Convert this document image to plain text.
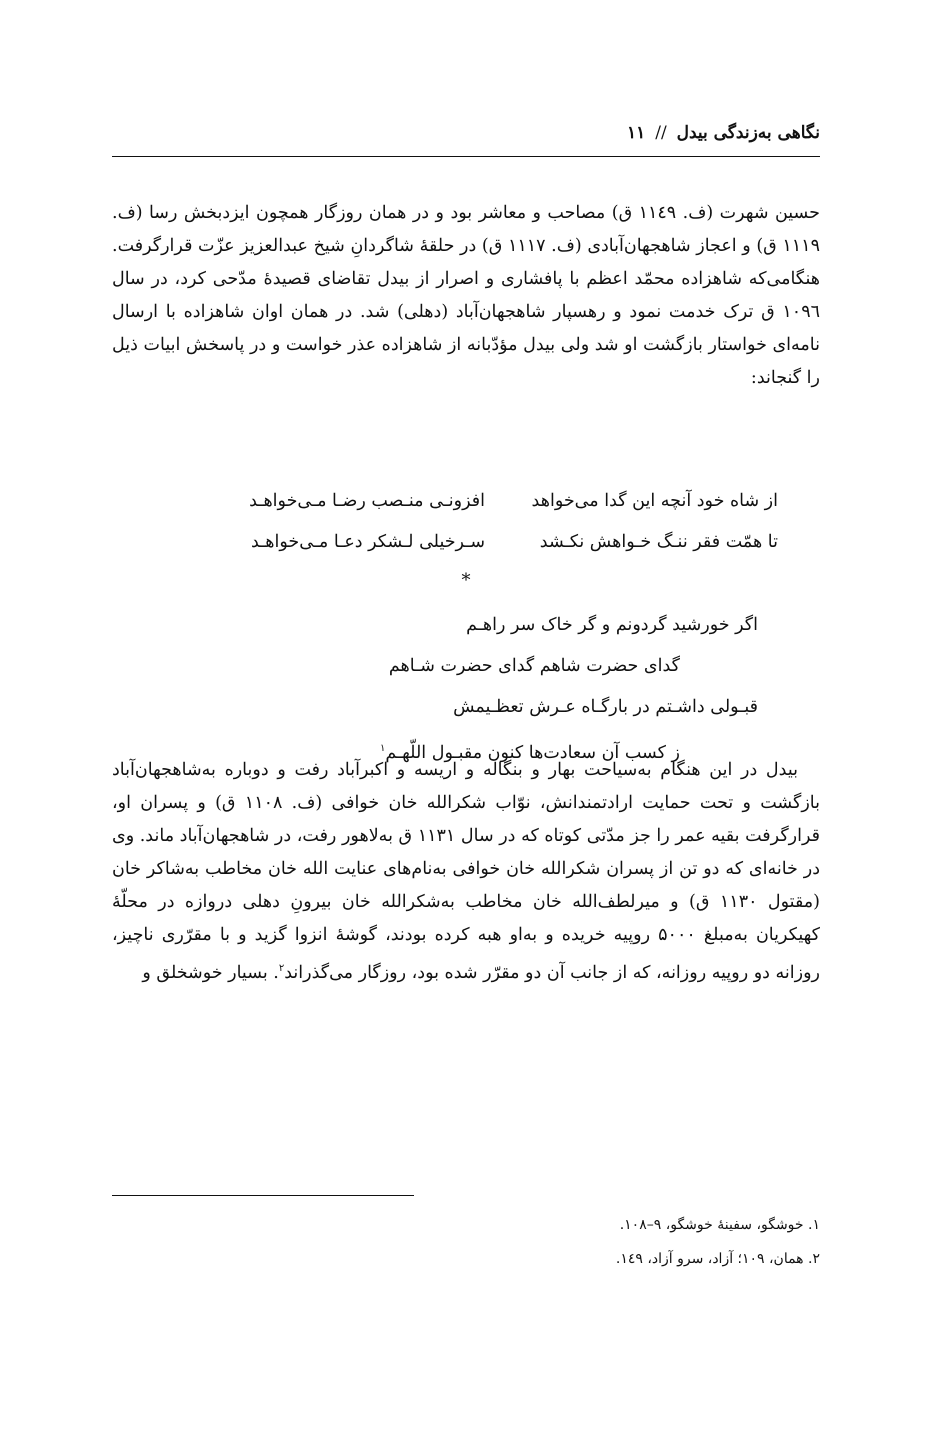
نگاهی به‌زندگی بیدل // ۱۱

حسین شهرت (ف. ۱۱٤۹ ق) مصاحب و معاشر بود و در همان روزگار همچون ایزدبخش رسا (ف. ۱۱۱۹ ق) و اعجاز شاهجهان‌آبادی (ف. ۱۱۱۷ ق) در حلقهٔ شاگردانِ شیخ عبدالعزیز عزّت قرارگرفت. هنگامی‌که شاهزاده محمّد اعظم با پافشاری و اصرار از بیدل تقاضای قصیدهٔ مدّحی کرد، در سال ۱۰۹٦ ق ترک خدمت نمود و رهسپار شاهجهان‌آباد (دهلی) شد. در همان اوان شاهزاده با ارسال نامه‌ای خواستار بازگشت او شد ولی بیدل مؤدّبانه از شاهزاده عذر خواست و در پاسخش ابیات ذیل را گنجاند:

از شاه خود آنچه این گدا می‌خواهد
افزونـی منـصب رضـا مـی‌خواهـد
تا همّت فقر ننـگ خـواهش نکـشد
سـرخیلی لـشکر دعـا مـی‌خواهـد
*
اگر خورشید گردونم و گر خاک سر راهـم
گدای حضرت شاهم گدای حضرت شـاهم
قبـولی داشـتم در بارگـاه عـرش تعظـیمش
ز کسب آن سعادت‌ها کنون مقبـول اللّهـم$^۱$

بیدل در این هنگام به‌سیاحت بهار و بنگاله و اریسه و اکبرآباد رفت و دوباره به‌شاهجهان‌آباد بازگشت و تحت حمایت ارادتمندانش، نوّاب شکرالله خان خوافی (ف. ۱۱۰۸ ق) و پسران او، قرارگرفت بقیه عمر را جز مدّتی کوتاه که در سال ۱۱۳۱ ق به‌لاهور رفت، در شاهجهان‌آباد ماند. وی در خانه‌ای که دو تن از پسران شکرالله خان خوافی به‌نام‌های عنایت الله خان مخاطب به‌شاکر خان (مقتول ۱۱۳۰ ق) و میرلطف‌الله خان مخاطب به‌شکرالله خان بیرونِ دهلی دروازه در محلّهٔ کهیکریان به‌مبلغ ۵۰۰۰ روپیه خریده و به‌او هبه کرده بودند، گوشهٔ انزوا گزید و با مقرّری ناچیز، روزانه دو روپیه روزانه، که از جانب آن دو مقرّر شده بود، روزگار می‌گذراند$^۲$. بسیار خوشخلق و

۱. خوشگو، سفینهٔ خوشگو، ۹–۱۰۸.
۲. همان، ۱۰۹؛ آزاد، سرو آزاد، ۱٤۹.
